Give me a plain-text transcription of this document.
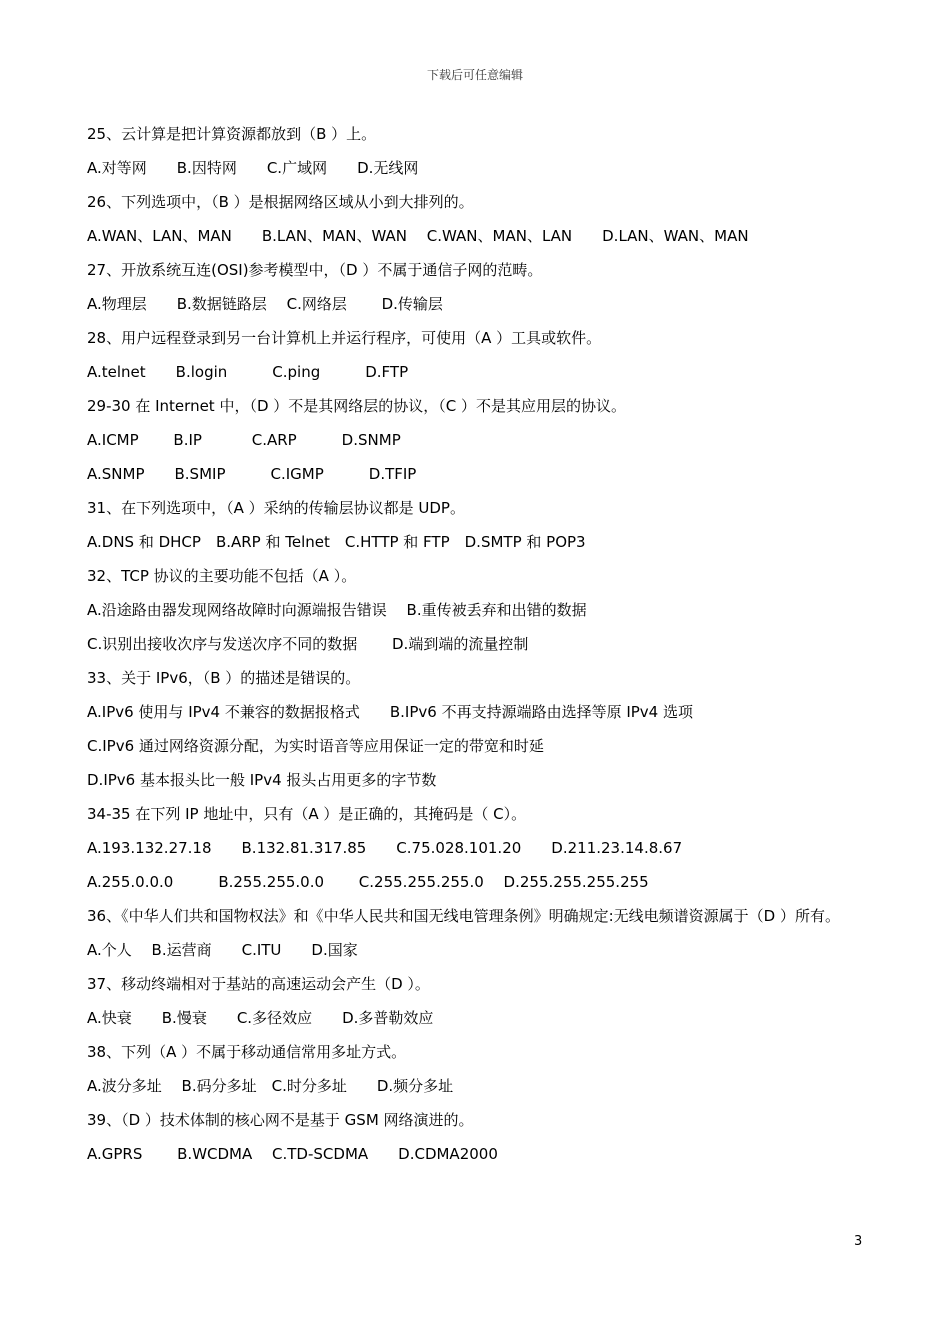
下载后可任意编辑
25、云计算是把计算资源都放到（B ）上。
A.对等网　　B.因特网　　C.广域网　　D.无线网
26、下列选项中，（B ）是根据网络区域从小到大排列的。
A.WAN、LAN、MAN　　B.LAN、MAN、WAN　 C.WAN、MAN、LAN　　D.LAN、WAN、MAN
27、开放系统互连(OSI)参考模型中，（D ）不属于通信子网的范畴。
A.物理层　　B.数据链路层　 C.网络层　　 D.传输层
28、用户远程登录到另一台计算机上并运行程序，可使用（A ）工具或软件。
A.telnet　　B.login　　　C.ping　　　D.FTP
29-30 在 Internet 中，（D ）不是其网络层的协议，（C ）不是其应用层的协议。
A.ICMP　　 B.IP　　　 C.ARP　　　D.SNMP
A.SNMP　　B.SMIP　　　C.IGMP　　　D.TFIP
31、在下列选项中，（A ）采纳的传输层协议都是 UDP。
A.DNS 和 DHCP　B.ARP 和 Telnet　C.HTTP 和 FTP　D.SMTP 和 POP3
32、TCP 协议的主要功能不包括（A ）。
A.沿途路由器发现网络故障时向源端报告错误　 B.重传被丢弃和出错的数据
C.识别出接收次序与发送次序不同的数据　　 D.端到端的流量控制
33、关于 IPv6，（B ）的描述是错误的。
A.IPv6 使用与 IPv4 不兼容的数据报格式　　B.IPv6 不再支持源端路由选择等原 IPv4 选项
C.IPv6 通过网络资源分配，为实时语音等应用保证一定的带宽和时延
D.IPv6 基本报头比一般 IPv4 报头占用更多的字节数
34-35 在下列 IP 地址中，只有（A ）是正确的，其掩码是（ C）。
A.193.132.27.18　　B.132.81.317.85　　C.75.028.101.20　　D.211.23.14.8.67
A.255.0.0.0　　　B.255.255.0.0　　 C.255.255.255.0　 D.255.255.255.255
36、《中华人们共和国物权法》和《中华人民共和国无线电管理条例》明确规定:无线电频谱资源属于（D ）所有。
A.个人　 B.运营商　　C.ITU　　D.国家
37、移动终端相对于基站的高速运动会产生（D ）。
A.快衰　　B.慢衰　　C.多径效应　　D.多普勒效应
38、下列（A ）不属于移动通信常用多址方式。
A.波分多址　 B.码分多址　C.时分多址　　D.频分多址
39、（D ）技术体制的核心网不是基于 GSM 网络演进的。
A.GPRS　　 B.WCDMA　 C.TD-SCDMA　　D.CDMA2000
3
